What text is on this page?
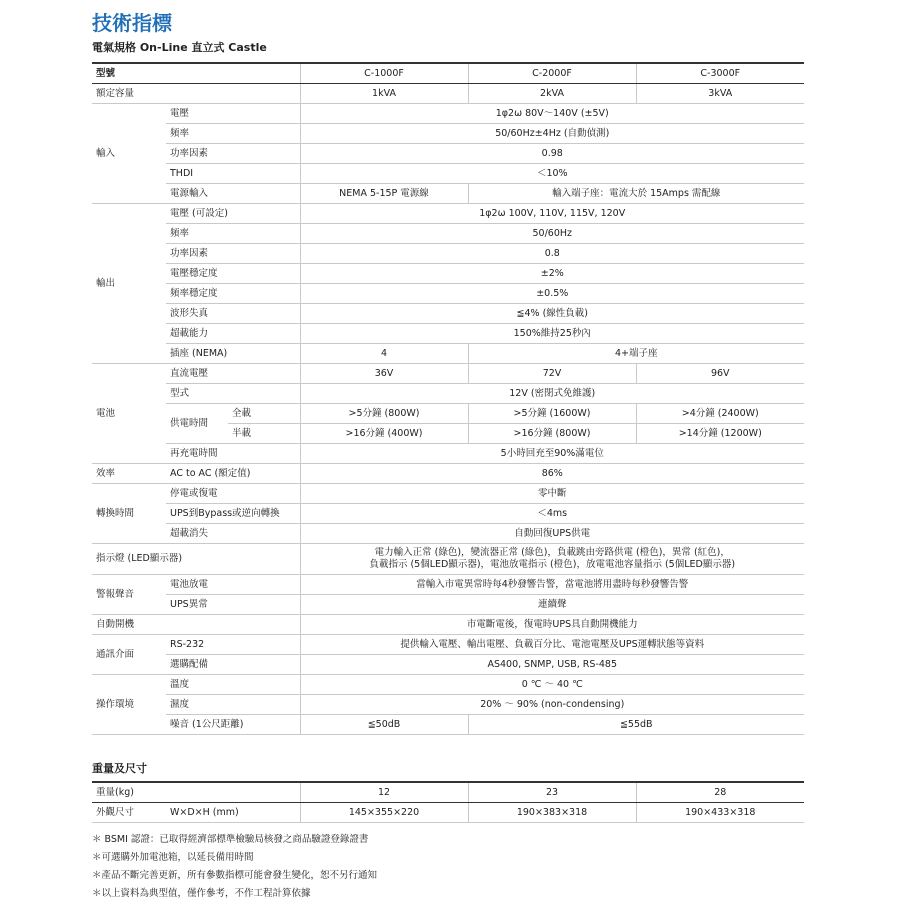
技術指標
電氣規格 On-Line 直立式 Castle
型號			C-1000F	C-2000F	C-3000F
額定容量			1kVA	2kVA	3kVA
輸入	電壓		1φ2ω 80V～140V (±5V)		
	頻率		50/60Hz±4Hz (自動偵測)		
	功率因素		0.98		
	THDI		＜10%		
	電源輸入		NEMA 5-15P 電源線	輸入端子座：電流大於 15Amps 需配線	
輸出	電壓 (可設定)		1φ2ω 100V, 110V, 115V, 120V		
	頻率		50/60Hz		
	功率因素		0.8		
	電壓穩定度		±2%		
	頻率穩定度		±0.5%		
	波形失真		≦4% (線性負載)		
	超載能力		150%維持25秒內		
	插座 (NEMA)		4	4+端子座	
電池	直流電壓		36V	72V	96V
	型式		12V (密閉式免維護)		
	供電時間	全載	>5分鐘 (800W)	>5分鐘 (1600W)	>4分鐘 (2400W)
		半載	>16分鐘 (400W)	>16分鐘 (800W)	>14分鐘 (1200W)
	再充電時間		5小時回充至90%滿電位		
效率	AC to AC (額定值)		86%		
轉換時間	停電或復電		零中斷		
	UPS到Bypass或逆向轉換		＜4ms		
	超載消失		自動回復UPS供電		
指示燈 (LED顯示器)			電力輸入正常 (綠色)，變流器正常 (綠色)，負載跳由旁路供電 (橙色)，異常 (紅色)，
負載指示 (5個LED顯示器)，電池放電指示 (橙色)，放電電池容量指示 (5個LED顯示器)		

警報聲音	電池放電		當輸入市電異常時每4秒發響告警，當電池將用盡時每秒發響告警		
	UPS異常		連續聲		
自動開機			市電斷電後，復電時UPS具自動開機能力		
通訊介面	RS-232		提供輸入電壓、輸出電壓、負載百分比、電池電壓及UPS運轉狀態等資料		
	選購配備		AS400, SNMP, USB, RS-485		
操作環境	溫度		0 ℃ ～ 40 ℃		
	濕度		20% ～ 90% (non-condensing)		
	噪音 (1公尺距離)		≦50dB	≦55dB	
重量及尺寸
重量(kg)		12	23	28
外觀尺寸	W×D×H (mm)	145×355×220	190×383×318	190×433×318
＊ BSMI 認證：已取得經濟部標準檢驗局核發之商品驗證登錄證書
＊可選購外加電池箱，以延長備用時間
＊產品不斷完善更新，所有參數指標可能會發生變化，恕不另行通知
＊以上資料為典型值，僅作參考，不作工程計算依據
